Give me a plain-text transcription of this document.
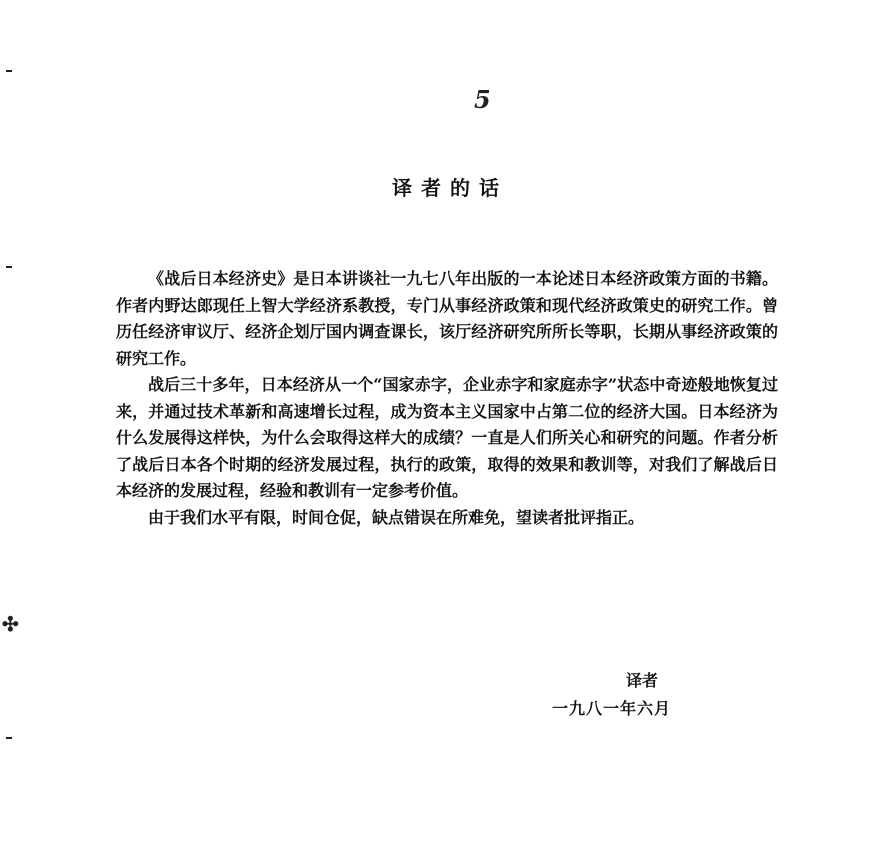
5
✣
译者的话

《战后日本经济史》是日本讲谈社一九七八年出版的一本论述日本经济政策方面的书籍。作者内野达郎现任上智大学经济系教授，专门从事经济政策和现代经济政策史的研究工作。曾历任经济审议厅、经济企划厅国内调查课长，该厅经济研究所所长等职，长期从事经济政策的研究工作。

战后三十多年，日本经济从一个“国家赤字，企业赤字和家庭赤字”状态中奇迹般地恢复过来，并通过技术革新和高速增长过程，成为资本主义国家中占第二位的经济大国。日本经济为什么发展得这样快，为什么会取得这样大的成绩？一直是人们所关心和研究的问题。作者分析了战后日本各个时期的经济发展过程，执行的政策，取得的效果和教训等，对我们了解战后日本经济的发展过程，经验和教训有一定参考价值。

由于我们水平有限，时间仓促，缺点错误在所难免，望读者批评指正。

译者
一九八一年六月
